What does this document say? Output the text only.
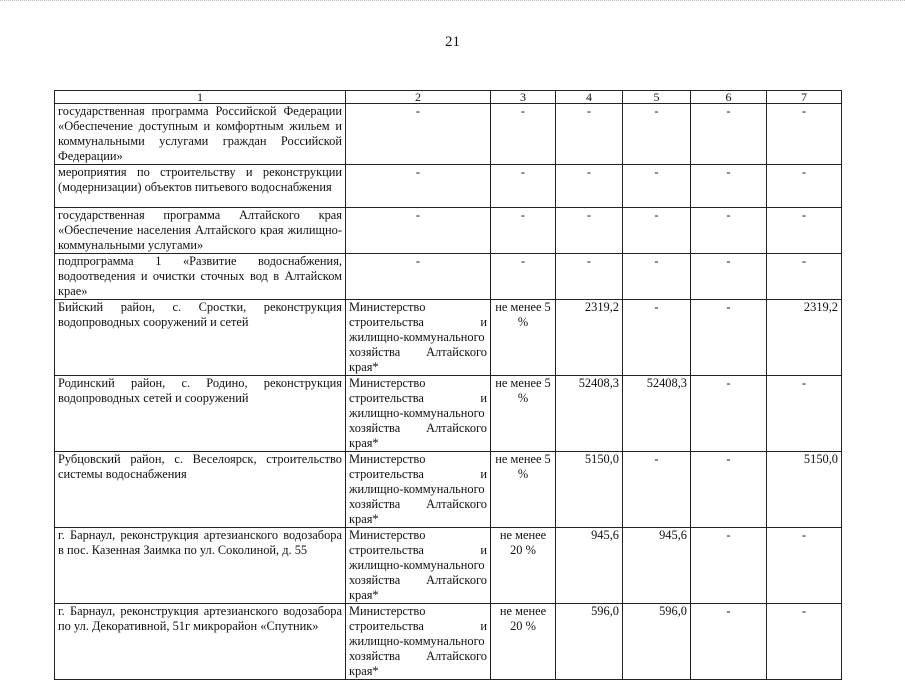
21
1	2	3	4	5	6	7
государственная программа Российской Федерации «Обеспечение доступным и комфортным жильем и коммунальными услугами граждан Российской Федерации»	-	-	-	-	-	-
мероприятия по строительству и реконструкции (модернизации) объектов питьевого водоснабжения	-	-	-	-	-	-
государственная программа Алтайского края «Обеспечение населения Алтайского края жилищно-коммунальными услугами»	-	-	-	-	-	-
подпрограмма 1 «Развитие водоснабжения, водоотведения и очистки сточных вод в Алтайском крае»	-	-	-	-	-	-
Бийский район, с. Сростки, реконструкция водопроводных сооружений и сетей	Министерство строительства и жилищно-коммунального хозяйства Алтайского края*	не менее 5 %	2319,2	-	-	2319,2
Родинский район, с. Родино, реконструкция водопроводных сетей и сооружений	Министерство строительства и жилищно-коммунального хозяйства Алтайского края*	не менее 5 %	52408,3	52408,3	-	-
Рубцовский район, с. Веселоярск, строительство системы водоснабжения	Министерство строительства и жилищно-коммунального хозяйства Алтайского края*	не менее 5 %	5150,0	-	-	5150,0
г. Барнаул, реконструкция артезианского водозабора в пос. Казенная Заимка по ул. Соколиной, д. 55	Министерство строительства и жилищно-коммунального хозяйства Алтайского края*	не менее 20 %	945,6	945,6	-	-
г. Барнаул, реконструкция артезианского водозабора по ул. Декоративной, 51г микрорайон «Спутник»	Министерство строительства и жилищно-коммунального хозяйства Алтайского края*	не менее 20 %	596,0	596,0	-	-
